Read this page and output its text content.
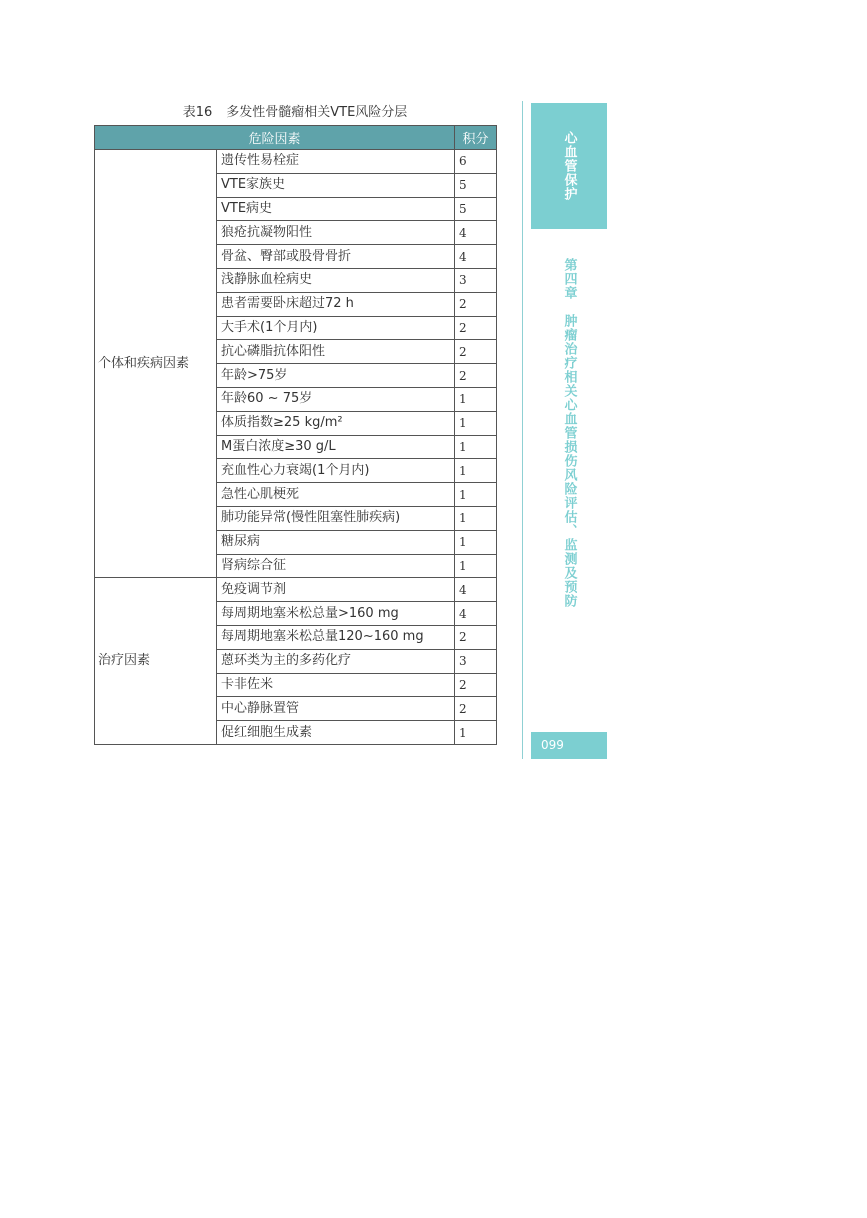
表16 多发性骨髓瘤相关VTE风险分层
危险因素		积分
个体和疾病因素	遗传性易栓症	6
	VTE家族史	5
	VTE病史	5
	狼疮抗凝物阳性	4
	骨盆、臀部或股骨骨折	4
	浅静脉血栓病史	3
	患者需要卧床超过72 h	2
	大手术(1个月内)	2
	抗心磷脂抗体阳性	2
	年龄>75岁	2
	年龄60 ~ 75岁	1
	体质指数≥25 kg/m²	1
	M蛋白浓度≥30 g/L	1
	充血性心力衰竭(1个月内)	1
	急性心肌梗死	1
	肺功能异常(慢性阻塞性肺疾病)	1
	糖尿病	1
	肾病综合征	1
治疗因素	免疫调节剂	4
	每周期地塞米松总量>160 mg	4
	每周期地塞米松总量120~160 mg	2
	蒽环类为主的多药化疗	3
	卡非佐米	2
	中心静脉置管	2
	促红细胞生成素	1
心血管保护
第四章　肿瘤治疗相关心血管损伤风险评估、监测及预防
099
